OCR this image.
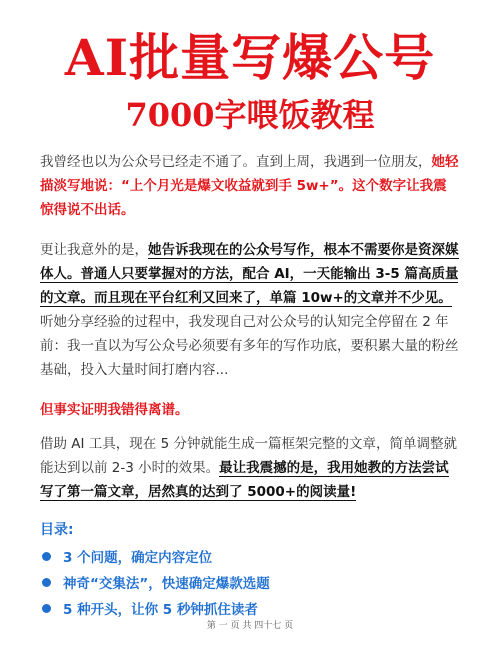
AI批量写爆公号
7000字喂饭教程
我曾经也以为公众号已经走不通了。直到上周，我遇到一位朋友，她轻描淡写地说：“上个月光是爆文收益就到手 5w+”。这个数字让我震惊得说不出话。
更让我意外的是，她告诉我现在的公众号写作，根本不需要你是资深媒体人。普通人只要掌握对的方法，配合 AI，一天能输出 3-5 篇高质量的文章。而且现在平台红利又回来了，单篇 10w+的文章并不少见。听她分享经验的过程中，我发现自己对公众号的认知完全停留在 2 年前：我一直以为写公众号必须要有多年的写作功底，要积累大量的粉丝基础，投入大量时间打磨内容...
但事实证明我错得离谱。
借助 AI 工具，现在 5 分钟就能生成一篇框架完整的文章，简单调整就能达到以前 2-3 小时的效果。最让我震撼的是，我用她教的方法尝试写了第一篇文章，居然真的达到了 5000+的阅读量!
目录:
3 个问题，确定内容定位
神奇“交集法”，快速确定爆款选题
5 种开头，让你 5 秒钟抓住读者
第 一 页 共 四十七 页
